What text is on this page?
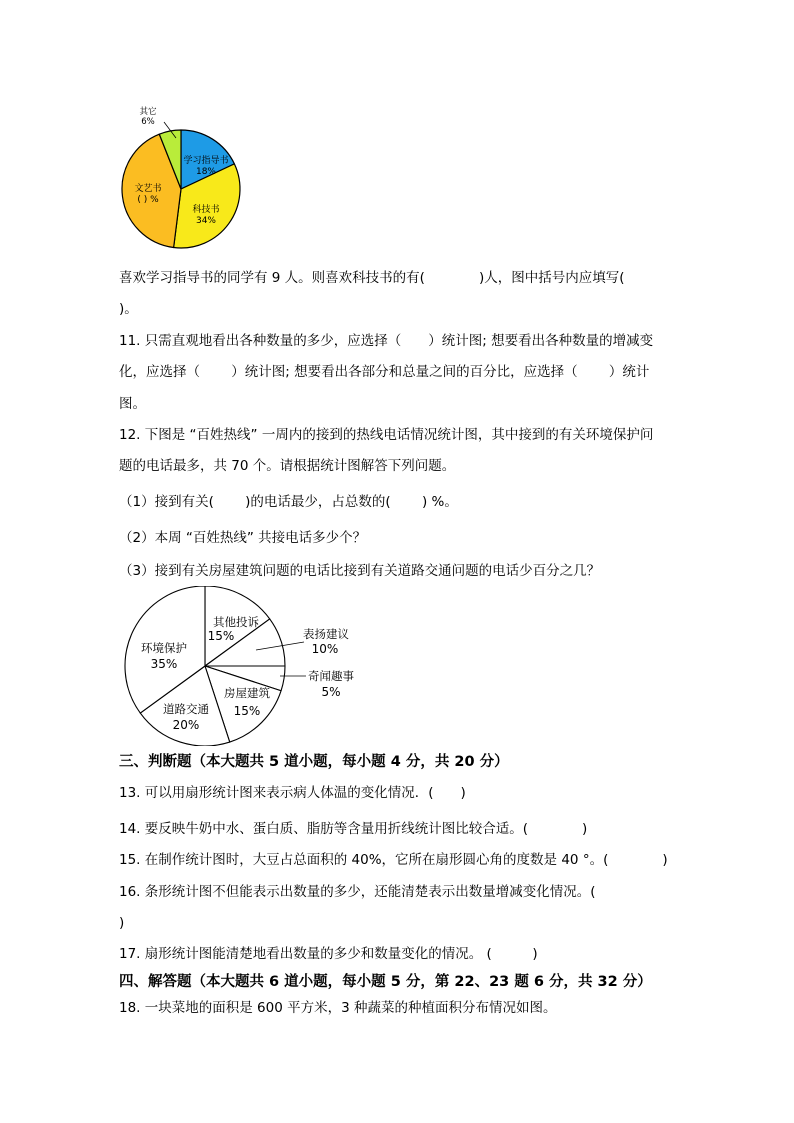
其它
6%
学习指导书
18%
科技书
34%
文艺书
( ) %
喜欢学习指导书的同学有 9 人。则喜欢科技书的有(　　　　)人，图中括号内应填写(
)。
11. 只需直观地看出各种数量的多少，应选择（　　）统计图; 想要看出各种数量的增减变
化，应选择（　　 ）统计图; 想要看出各部分和总量之间的百分比，应选择（　　 ）统计
图。
12. 下图是 “百姓热线” 一周内的接到的热线电话情况统计图，其中接到的有关环境保护问
题的电话最多，共 70 个。请根据统计图解答下列问题。
（1）接到有关(　　 )的电话最少，占总数的(　　 ) %。
（2）本周 “百姓热线” 共接电话多少个？
（3）接到有关房屋建筑问题的电话比接到有关道路交通问题的电话少百分之几？
其他投诉
15%	表扬建议
10%
奇闻趣事
5%
房屋建筑
15%
道路交通
20%
环境保护
35%
三、判断题（本大题共 5 道小题，每小题 4 分，共 20 分）
13. 可以用扇形统计图来表示病人体温的变化情况．(　　)
14. 要反映牛奶中水、蛋白质、脂肪等含量用折线统计图比较合适。(　　　　)
15. 在制作统计图时，大豆占总面积的 40%，它所在扇形圆心角的度数是 40 °。(　　　　)
16. 条形统计图不但能表示出数量的多少，还能清楚表示出数量增减变化情况。(
)
17. 扇形统计图能清楚地看出数量的多少和数量变化的情况。 (　　　)
四、解答题（本大题共 6 道小题，每小题 5 分，第 22、23 题 6 分，共 32 分）
18. 一块菜地的面积是 600 平方米，3 种蔬菜的种植面积分布情况如图。
